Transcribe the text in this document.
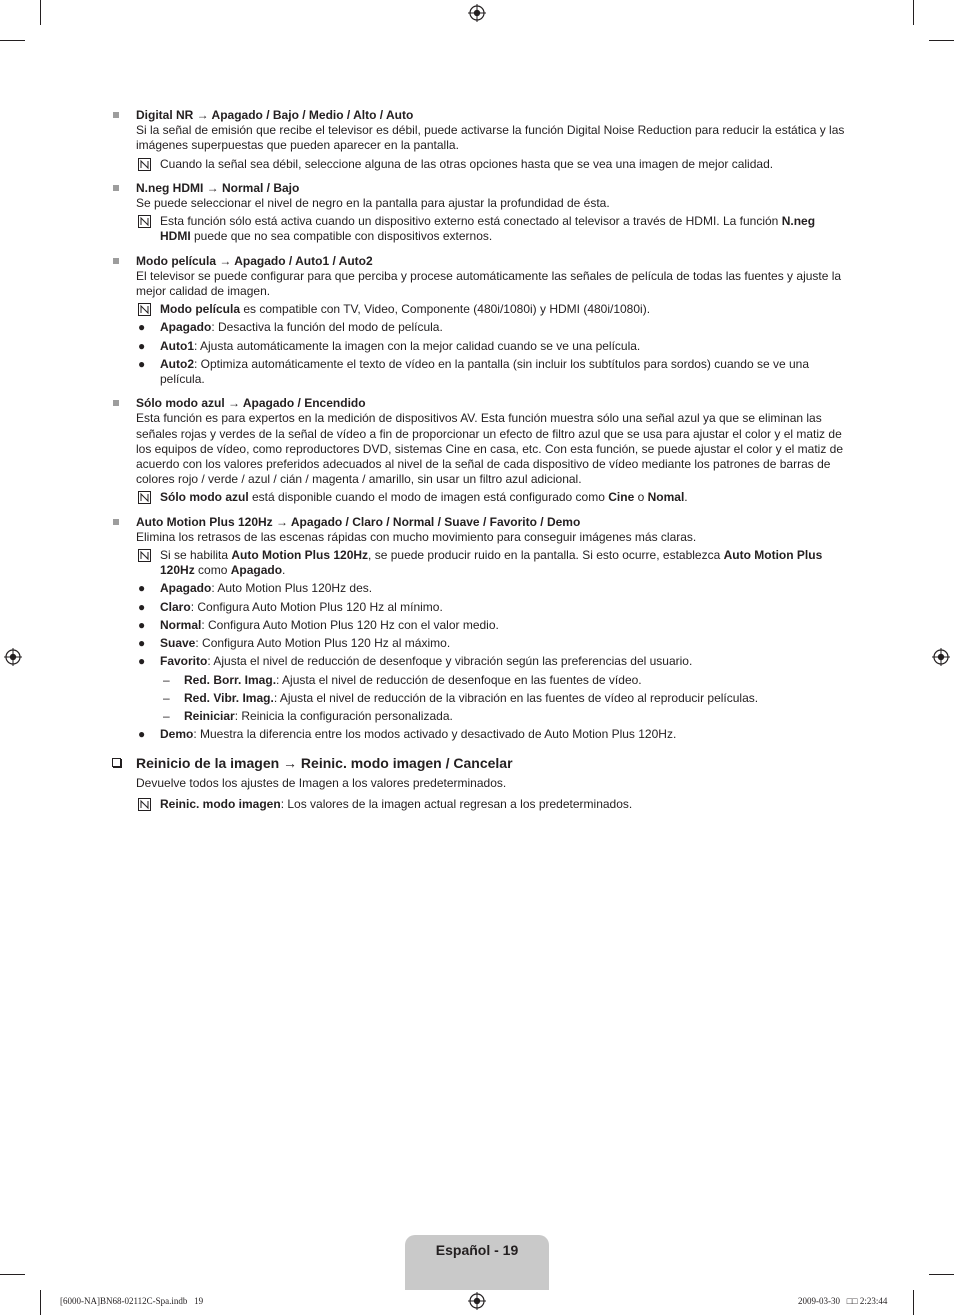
Digital NR → Apagado / Bajo / Medio / Alto / Auto
Si la señal de emisión que recibe el televisor es débil, puede activarse la función Digital Noise Reduction para reducir la estática y las imágenes superpuestas que pueden aparecer en la pantalla.
Cuando la señal sea débil, seleccione alguna de las otras opciones hasta que se vea una imagen de mejor calidad.
N.neg HDMI → Normal / Bajo
Se puede seleccionar el nivel de negro en la pantalla para ajustar la profundidad de ésta.
Esta función sólo está activa cuando un dispositivo externo está conectado al televisor a través de HDMI. La función N.neg HDMI puede que no sea compatible con dispositivos externos.
Modo película → Apagado / Auto1 / Auto2
El televisor se puede configurar para que perciba y procese automáticamente las señales de película de todas las fuentes y ajuste la mejor calidad de imagen.
Modo película es compatible con TV, Video, Componente (480i/1080i) y HDMI (480i/1080i).
● Apagado: Desactiva la función del modo de película.
● Auto1: Ajusta automáticamente la imagen con la mejor calidad cuando se ve una película.
● Auto2: Optimiza automáticamente el texto de vídeo en la pantalla (sin incluir los subtítulos para sordos) cuando se ve una película.
Sólo modo azul → Apagado / Encendido
Esta función es para expertos en la medición de dispositivos AV. Esta función muestra sólo una señal azul ya que se eliminan las señales rojas y verdes de la señal de vídeo a fin de proporcionar un efecto de filtro azul que se usa para ajustar el color y el matiz de los equipos de vídeo, como reproductores DVD, sistemas Cine en casa, etc. Con esta función, se puede ajustar el color y el matiz de acuerdo con los valores preferidos adecuados al nivel de la señal de cada dispositivo de vídeo mediante los patrones de barras de colores rojo / verde / azul / cián / magenta / amarillo, sin usar un filtro azul adicional.
Sólo modo azul está disponible cuando el modo de imagen está configurado como Cine o Nomal.
Auto Motion Plus 120Hz → Apagado / Claro / Normal / Suave / Favorito / Demo
Elimina los retrasos de las escenas rápidas con mucho movimiento para conseguir imágenes más claras.
Si se habilita Auto Motion Plus 120Hz, se puede producir ruido en la pantalla. Si esto ocurre, establezca Auto Motion Plus 120Hz como Apagado.
● Apagado: Auto Motion Plus 120Hz des.
● Claro: Configura Auto Motion Plus 120 Hz al mínimo.
● Normal: Configura Auto Motion Plus 120 Hz con el valor medio.
● Suave: Configura Auto Motion Plus 120 Hz al máximo.
● Favorito: Ajusta el nivel de reducción de desenfoque y vibración según las preferencias del usuario.
– Red. Borr. Imag.: Ajusta el nivel de reducción de desenfoque en las fuentes de vídeo.
– Red. Vibr. Imag.: Ajusta el nivel de reducción de la vibración en las fuentes de vídeo al reproducir películas.
– Reiniciar: Reinicia la configuración personalizada.
● Demo: Muestra la diferencia entre los modos activado y desactivado de Auto Motion Plus 120Hz.
Reinicio de la imagen → Reinic. modo imagen / Cancelar
Devuelve todos los ajustes de Imagen a los valores predeterminados.
Reinic. modo imagen: Los valores de la imagen actual regresan a los predeterminados.
Español - 19
[6000-NA]BN68-02112C-Spa.indb   19	2009-03-30   □□ 2:23:44
